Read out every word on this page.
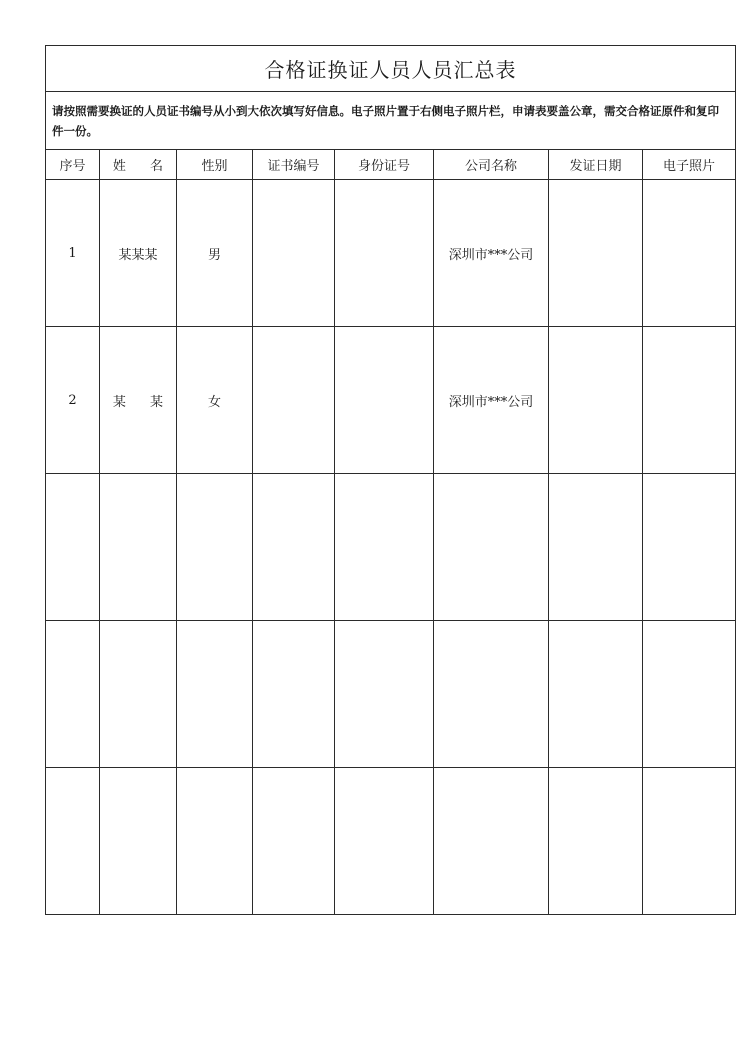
合格证换证人员人员汇总表							
请按照需要换证的人员证书编号从小到大依次填写好信息。电子照片置于右侧电子照片栏，申请表要盖公章，需交合格证原件和复印件一份。							
序号	姓 名	性别	证书编号	身份证号	公司名称	发证日期	电子照片
1	某某某	男			深圳市***公司		
2	某 某	女			深圳市***公司		
